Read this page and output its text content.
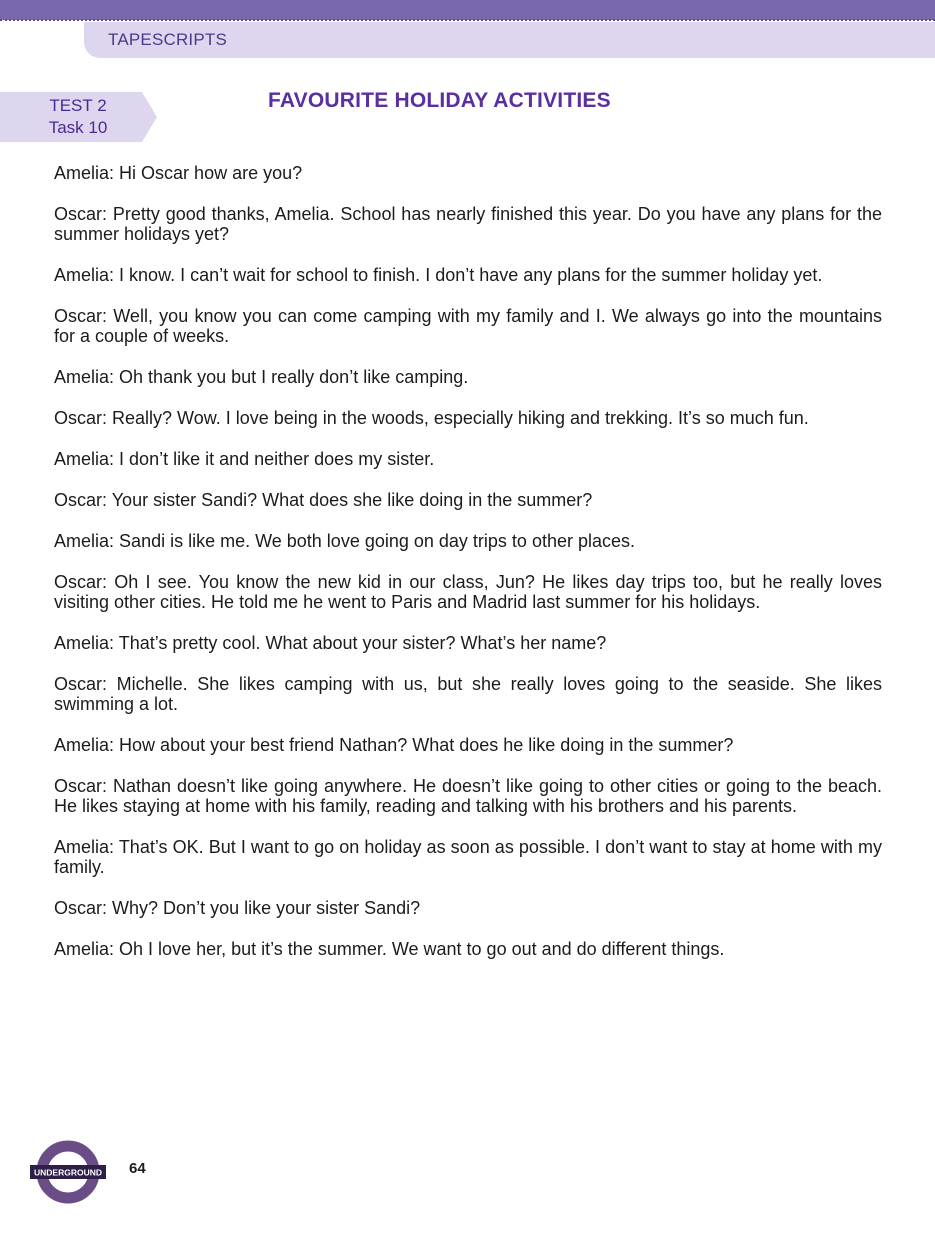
TAPESCRIPTS
TEST 2
Task 10
FAVOURITE HOLIDAY ACTIVITIES
Amelia : Hi Oscar how are you?
Oscar : Pretty good thanks, Amelia. School has nearly finished this year. Do you have any plans for the summer holidays yet?
Amelia : I know. I can’t wait for school to finish. I don’t have any plans for the summer holiday yet.
Oscar : Well, you know you can come camping with my family and I. We always go into the mountains for a couple of weeks.
Amelia : Oh thank you but I really don’t like camping.
Oscar : Really? Wow. I love being in the woods, especially hiking and trekking. It’s so much fun.
Amelia : I don’t like it and neither does my sister.
Oscar : Your sister Sandi? What does she like doing in the summer?
Amelia : Sandi is like me. We both love going on day trips to other places.
Oscar : Oh I see. You know the new kid in our class, Jun? He likes day trips too, but he really loves visiting other cities. He told me he went to Paris and Madrid last summer for his holidays.
Amelia : That’s pretty cool. What about your sister? What’s her name?
Oscar : Michelle. She likes camping with us, but she really loves going to the seaside. She likes swimming a lot.
Amelia : How about your best friend Nathan? What does he like doing in the summer?
Oscar : Nathan doesn’t like going anywhere. He doesn’t like going to other cities or going to the beach. He likes staying at home with his family, reading and talking with his brothers and his parents.
Amelia : That’s OK. But I want to go on holiday as soon as possible. I don’t want to stay at home with my family.
Oscar : Why? Don’t you like your sister Sandi?
Amelia : Oh I love her, but it’s the summer. We want to go out and do different things.
UNDERGROUND 64
